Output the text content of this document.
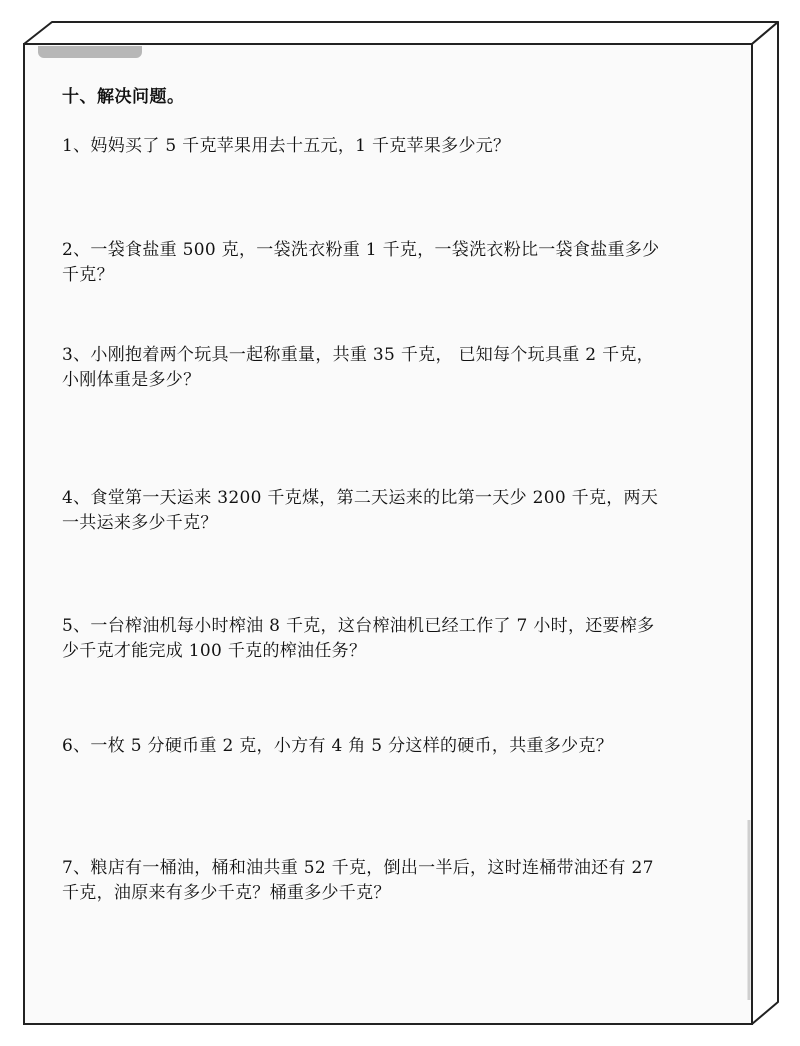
十、解决问题。
1、妈妈买了 5 千克苹果用去十五元，1 千克苹果多少元？
2、一袋食盐重 500 克，一袋洗衣粉重 1 千克，一袋洗衣粉比一袋食盐重多少
千克？
3、小刚抱着两个玩具一起称重量，共重 35 千克， 已知每个玩具重 2 千克，
小刚体重是多少？
4、食堂第一天运来 3200 千克煤，第二天运来的比第一天少 200 千克，两天
一共运来多少千克？
5、一台榨油机每小时榨油 8 千克，这台榨油机已经工作了 7 小时，还要榨多
少千克才能完成 100 千克的榨油任务？
6、一枚 5 分硬币重 2 克，小方有 4 角 5 分这样的硬币，共重多少克？
7、粮店有一桶油，桶和油共重 52 千克，倒出一半后，这时连桶带油还有 27
千克，油原来有多少千克？桶重多少千克？
